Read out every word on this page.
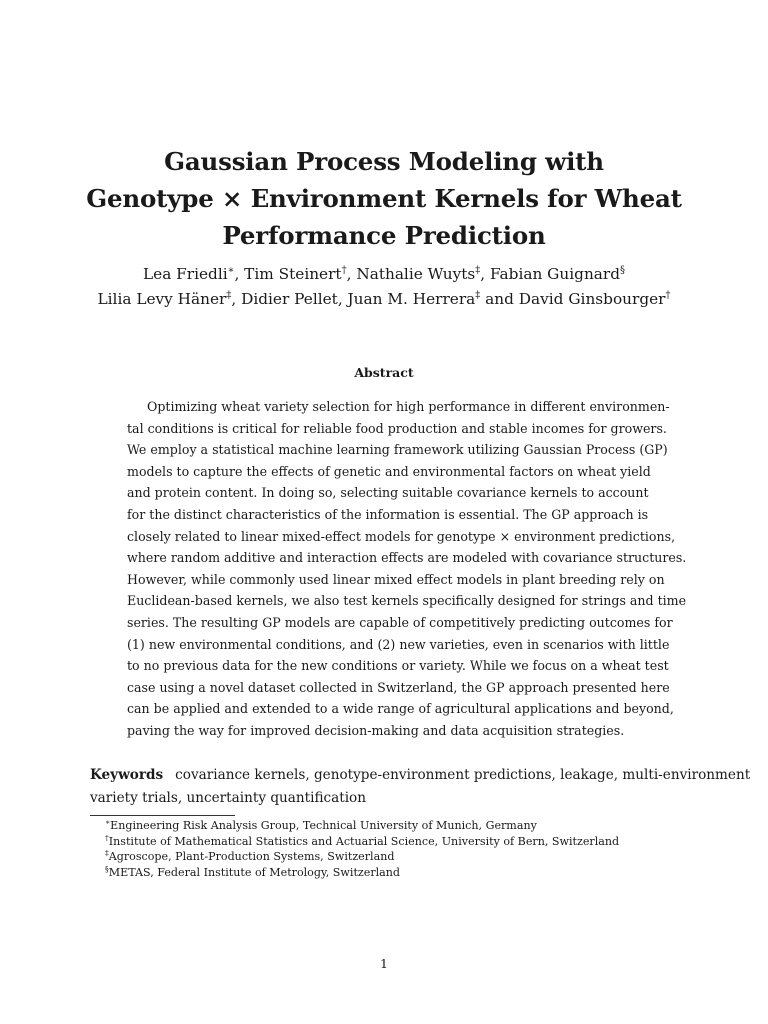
Gaussian Process Modeling with
Genotype × Environment Kernels for Wheat
Performance Prediction
Lea Friedli∗, Tim Steinert†, Nathalie Wuyts‡, Fabian Guignard§
Lilia Levy Häner‡, Didier Pellet, Juan M. Herrera‡ and David Ginsbourger†
Abstract
Optimizing wheat variety selection for high performance in different environmen-
tal conditions is critical for reliable food production and stable incomes for growers.
We employ a statistical machine learning framework utilizing Gaussian Process (GP)
models to capture the effects of genetic and environmental factors on wheat yield
and protein content. In doing so, selecting suitable covariance kernels to account
for the distinct characteristics of the information is essential. The GP approach is
closely related to linear mixed-effect models for genotype × environment predictions,
where random additive and interaction effects are modeled with covariance structures.
However, while commonly used linear mixed effect models in plant breeding rely on
Euclidean-based kernels, we also test kernels specifically designed for strings and time
series. The resulting GP models are capable of competitively predicting outcomes for
(1) new environmental conditions, and (2) new varieties, even in scenarios with little
to no previous data for the new conditions or variety. While we focus on a wheat test
case using a novel dataset collected in Switzerland, the GP approach presented here
can be applied and extended to a wide range of agricultural applications and beyond,
paving the way for improved decision-making and data acquisition strategies.
Keywords covariance kernels, genotype-environment predictions, leakage, multi-environment
variety trials, uncertainty quantification
∗Engineering Risk Analysis Group, Technical University of Munich, Germany
†Institute of Mathematical Statistics and Actuarial Science, University of Bern, Switzerland
‡Agroscope, Plant-Production Systems, Switzerland
§METAS, Federal Institute of Metrology, Switzerland
1
